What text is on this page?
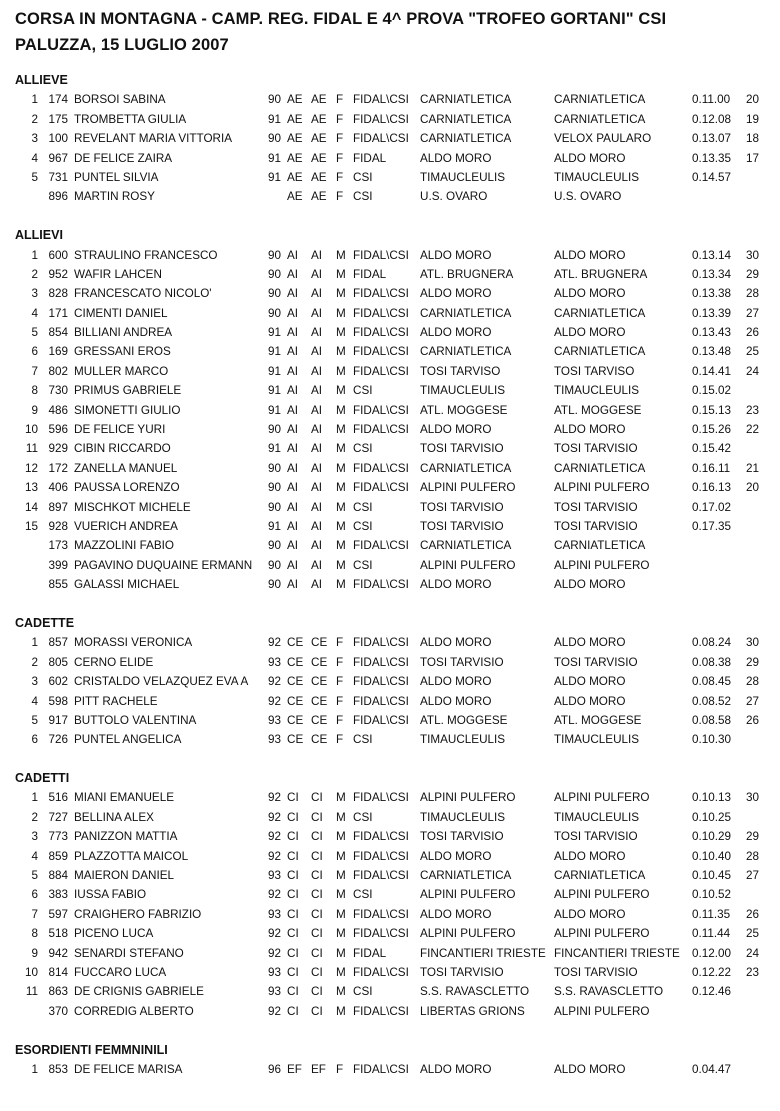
CORSA IN MONTAGNA - CAMP. REG. FIDAL E 4^ PROVA "TROFEO GORTANI" CSI
PALUZZA, 15 LUGLIO 2007
ALLIEVE
1 174 BORSOI SABINA	90 AE AE F FIDAL\CSI CARNIATLETICA	CARNIATLETICA	0.11.00	20
2 175 TROMBETTA GIULIA	91 AE AE F FIDAL\CSI CARNIATLETICA	CARNIATLETICA	0.12.08	19
3 100 REVELANT MARIA VITTORIA	90 AE AE F FIDAL\CSI CARNIATLETICA	VELOX PAULARO	0.13.07	18
4 967 DE FELICE ZAIRA	91 AE AE F FIDAL	ALDO MORO	ALDO MORO	0.13.35	17
5 731 PUNTEL SILVIA	91 AE AE F CSI	TIMAUCLEULIS	TIMAUCLEULIS	0.14.57
896 MARTIN ROSY	AE AE F CSI	U.S. OVARO	U.S. OVARO
ALLIEVI
1 600 STRAULINO FRANCESCO	90 AI	AI	M FIDAL\CSI ALDO MORO	ALDO MORO	0.13.14	30
2 952 WAFIR LAHCEN	90 AI	AI	M FIDAL	ATL. BRUGNERA	ATL. BRUGNERA	0.13.34	29
3 828 FRANCESCATO NICOLO'	90 AI	AI	M FIDAL\CSI ALDO MORO	ALDO MORO	0.13.38	28
4 171 CIMENTI DANIEL	90 AI	AI	M FIDAL\CSI CARNIATLETICA	CARNIATLETICA	0.13.39	27
5 854 BILLIANI ANDREA	91 AI	AI	M FIDAL\CSI ALDO MORO	ALDO MORO	0.13.43	26
6 169 GRESSANI EROS	91 AI	AI	M FIDAL\CSI CARNIATLETICA	CARNIATLETICA	0.13.48	25
7 802 MULLER MARCO	91 AI	AI	M FIDAL\CSI TOSI TARVISO	TOSI TARVISO	0.14.41	24
8 730 PRIMUS GABRIELE	91 AI	AI	M CSI	TIMAUCLEULIS	TIMAUCLEULIS	0.15.02
9 486 SIMONETTI GIULIO	91 AI	AI	M FIDAL\CSI ATL. MOGGESE	ATL. MOGGESE	0.15.13	23
10 596 DE FELICE YURI	90 AI	AI	M FIDAL\CSI ALDO MORO	ALDO MORO	0.15.26	22
11 929 CIBIN RICCARDO	91 AI	AI	M CSI	TOSI TARVISIO	TOSI TARVISIO	0.15.42
12 172 ZANELLA MANUEL	90 AI	AI	M FIDAL\CSI CARNIATLETICA	CARNIATLETICA	0.16.11	21
13 406 PAUSSA LORENZO	90 AI	AI	M FIDAL\CSI ALPINI PULFERO	ALPINI PULFERO	0.16.13	20
14 897 MISCHKOT MICHELE	90 AI	AI	M CSI	TOSI TARVISIO	TOSI TARVISIO	0.17.02
15 928 VUERICH ANDREA	91 AI	AI	M CSI	TOSI TARVISIO	TOSI TARVISIO	0.17.35
173 MAZZOLINI FABIO	90 AI	AI	M FIDAL\CSI CARNIATLETICA	CARNIATLETICA
399 PAGAVINO DUQUAINE ERMANN	90 AI	AI	M CSI	ALPINI PULFERO	ALPINI PULFERO
855 GALASSI MICHAEL	90 AI	AI	M FIDAL\CSI ALDO MORO	ALDO MORO
CADETTE
1 857 MORASSI VERONICA	92 CE CE F FIDAL\CSI ALDO MORO	ALDO MORO	0.08.24	30
2 805 CERNO ELIDE	93 CE CE F FIDAL\CSI TOSI TARVISIO	TOSI TARVISIO	0.08.38	29
3 602 CRISTALDO VELAZQUEZ EVA A	92 CE CE F FIDAL\CSI ALDO MORO	ALDO MORO	0.08.45	28
4 598 PITT RACHELE	92 CE CE F FIDAL\CSI ALDO MORO	ALDO MORO	0.08.52	27
5 917 BUTTOLO VALENTINA	93 CE CE F FIDAL\CSI ATL. MOGGESE	ATL. MOGGESE	0.08.58	26
6 726 PUNTEL ANGELICA	93 CE CE F CSI	TIMAUCLEULIS	TIMAUCLEULIS	0.10.30
CADETTI
1 516 MIANI EMANUELE	92 CI	CI	M FIDAL\CSI ALPINI PULFERO	ALPINI PULFERO	0.10.13	30
2 727 BELLINA ALEX	92 CI	CI	M CSI	TIMAUCLEULIS	TIMAUCLEULIS	0.10.25
3 773 PANIZZON MATTIA	92 CI	CI	M FIDAL\CSI TOSI TARVISIO	TOSI TARVISIO	0.10.29	29
4 859 PLAZZOTTA MAICOL	92 CI	CI	M FIDAL\CSI ALDO MORO	ALDO MORO	0.10.40	28
5 884 MAIERON DANIEL	93 CI	CI	M FIDAL\CSI CARNIATLETICA	CARNIATLETICA	0.10.45	27
6 383 IUSSA FABIO	92 CI	CI	M CSI	ALPINI PULFERO	ALPINI PULFERO	0.10.52
7 597 CRAIGHERO FABRIZIO	93 CI	CI	M FIDAL\CSI ALDO MORO	ALDO MORO	0.11.35	26
8 518 PICENO LUCA	92 CI	CI	M FIDAL\CSI ALPINI PULFERO	ALPINI PULFERO	0.11.44	25
9 942 SENARDI STEFANO	92 CI	CI	M FIDAL	FINCANTIERI TRIESTE FINCANTIERI TRIESTE	0.12.00	24
10 814 FUCCARO LUCA	93 CI	CI	M FIDAL\CSI TOSI TARVISIO	TOSI TARVISIO	0.12.22	23
11 863 DE CRIGNIS GABRIELE	93 CI	CI	M CSI	S.S. RAVASCLETTO	S.S. RAVASCLETTO	0.12.46
370 CORREDIG ALBERTO	92 CI	CI	M FIDAL\CSI LIBERTAS GRIONS	ALPINI PULFERO
ESORDIENTI FEMMNINILI
1 853 DE FELICE MARISA	96 EF EF F FIDAL\CSI ALDO MORO	ALDO MORO	0.04.47
